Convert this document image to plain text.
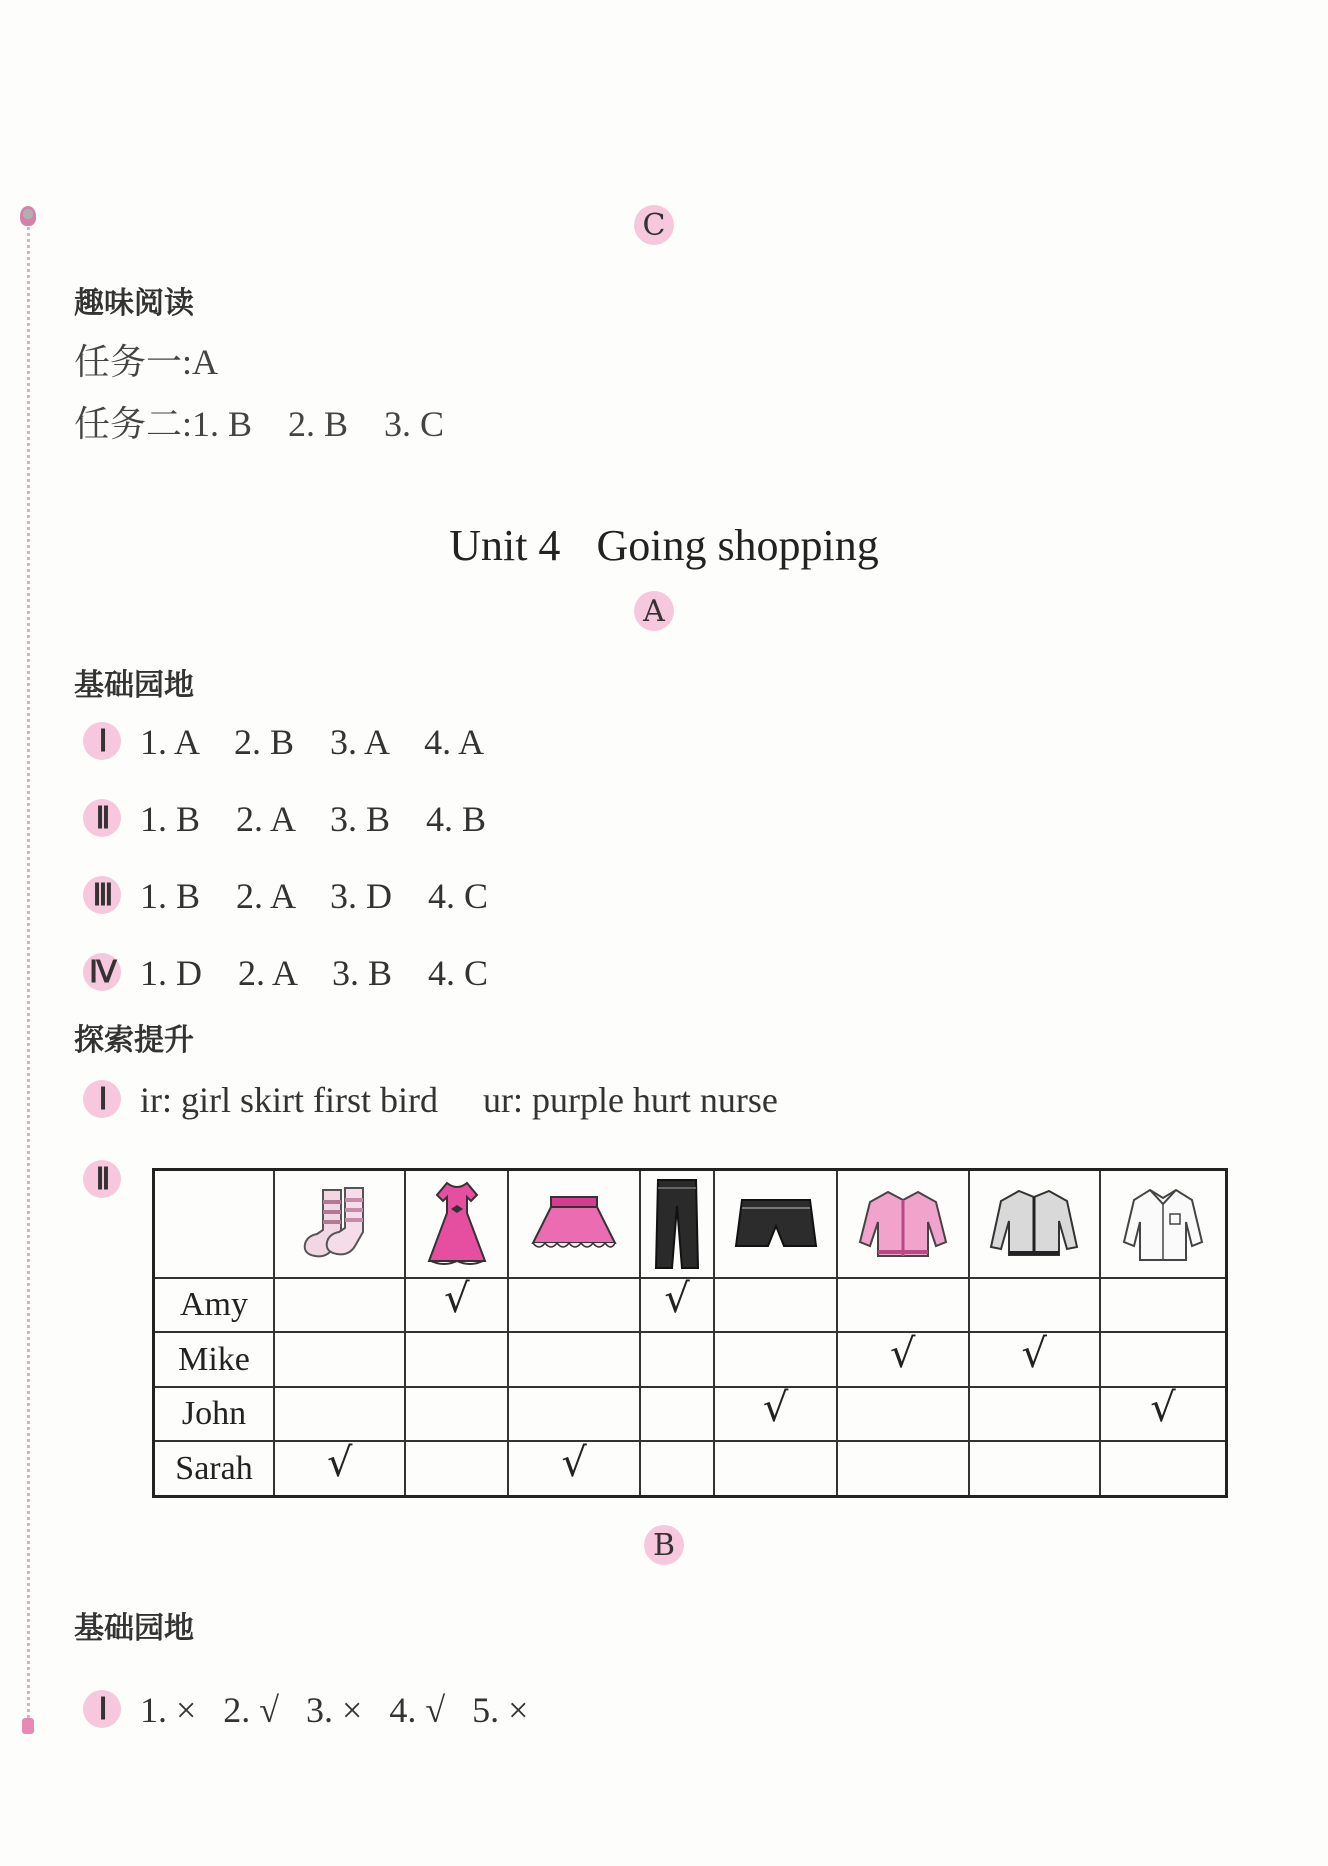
C
趣味阅读
任务一:A
任务二:1. B    2. B    3. C
Unit 4 Going shopping
A
基础园地
Ⅰ 1. A    2. B    3. A    4. A
Ⅱ 1. B    2. A    3. B    4. B
Ⅲ 1. B    2. A    3. D    4. C
Ⅳ 1. D    2. A    3. B    4. C
探索提升
Ⅰ ir: girl skirt first bird     ur: purple hurt nurse
Ⅱ

Amy		√		√				
Mike						√	√	
John					√			√
Sarah	√		√					
B
基础园地
Ⅰ 1. ×   2. √   3. ×   4. √   5. ×
